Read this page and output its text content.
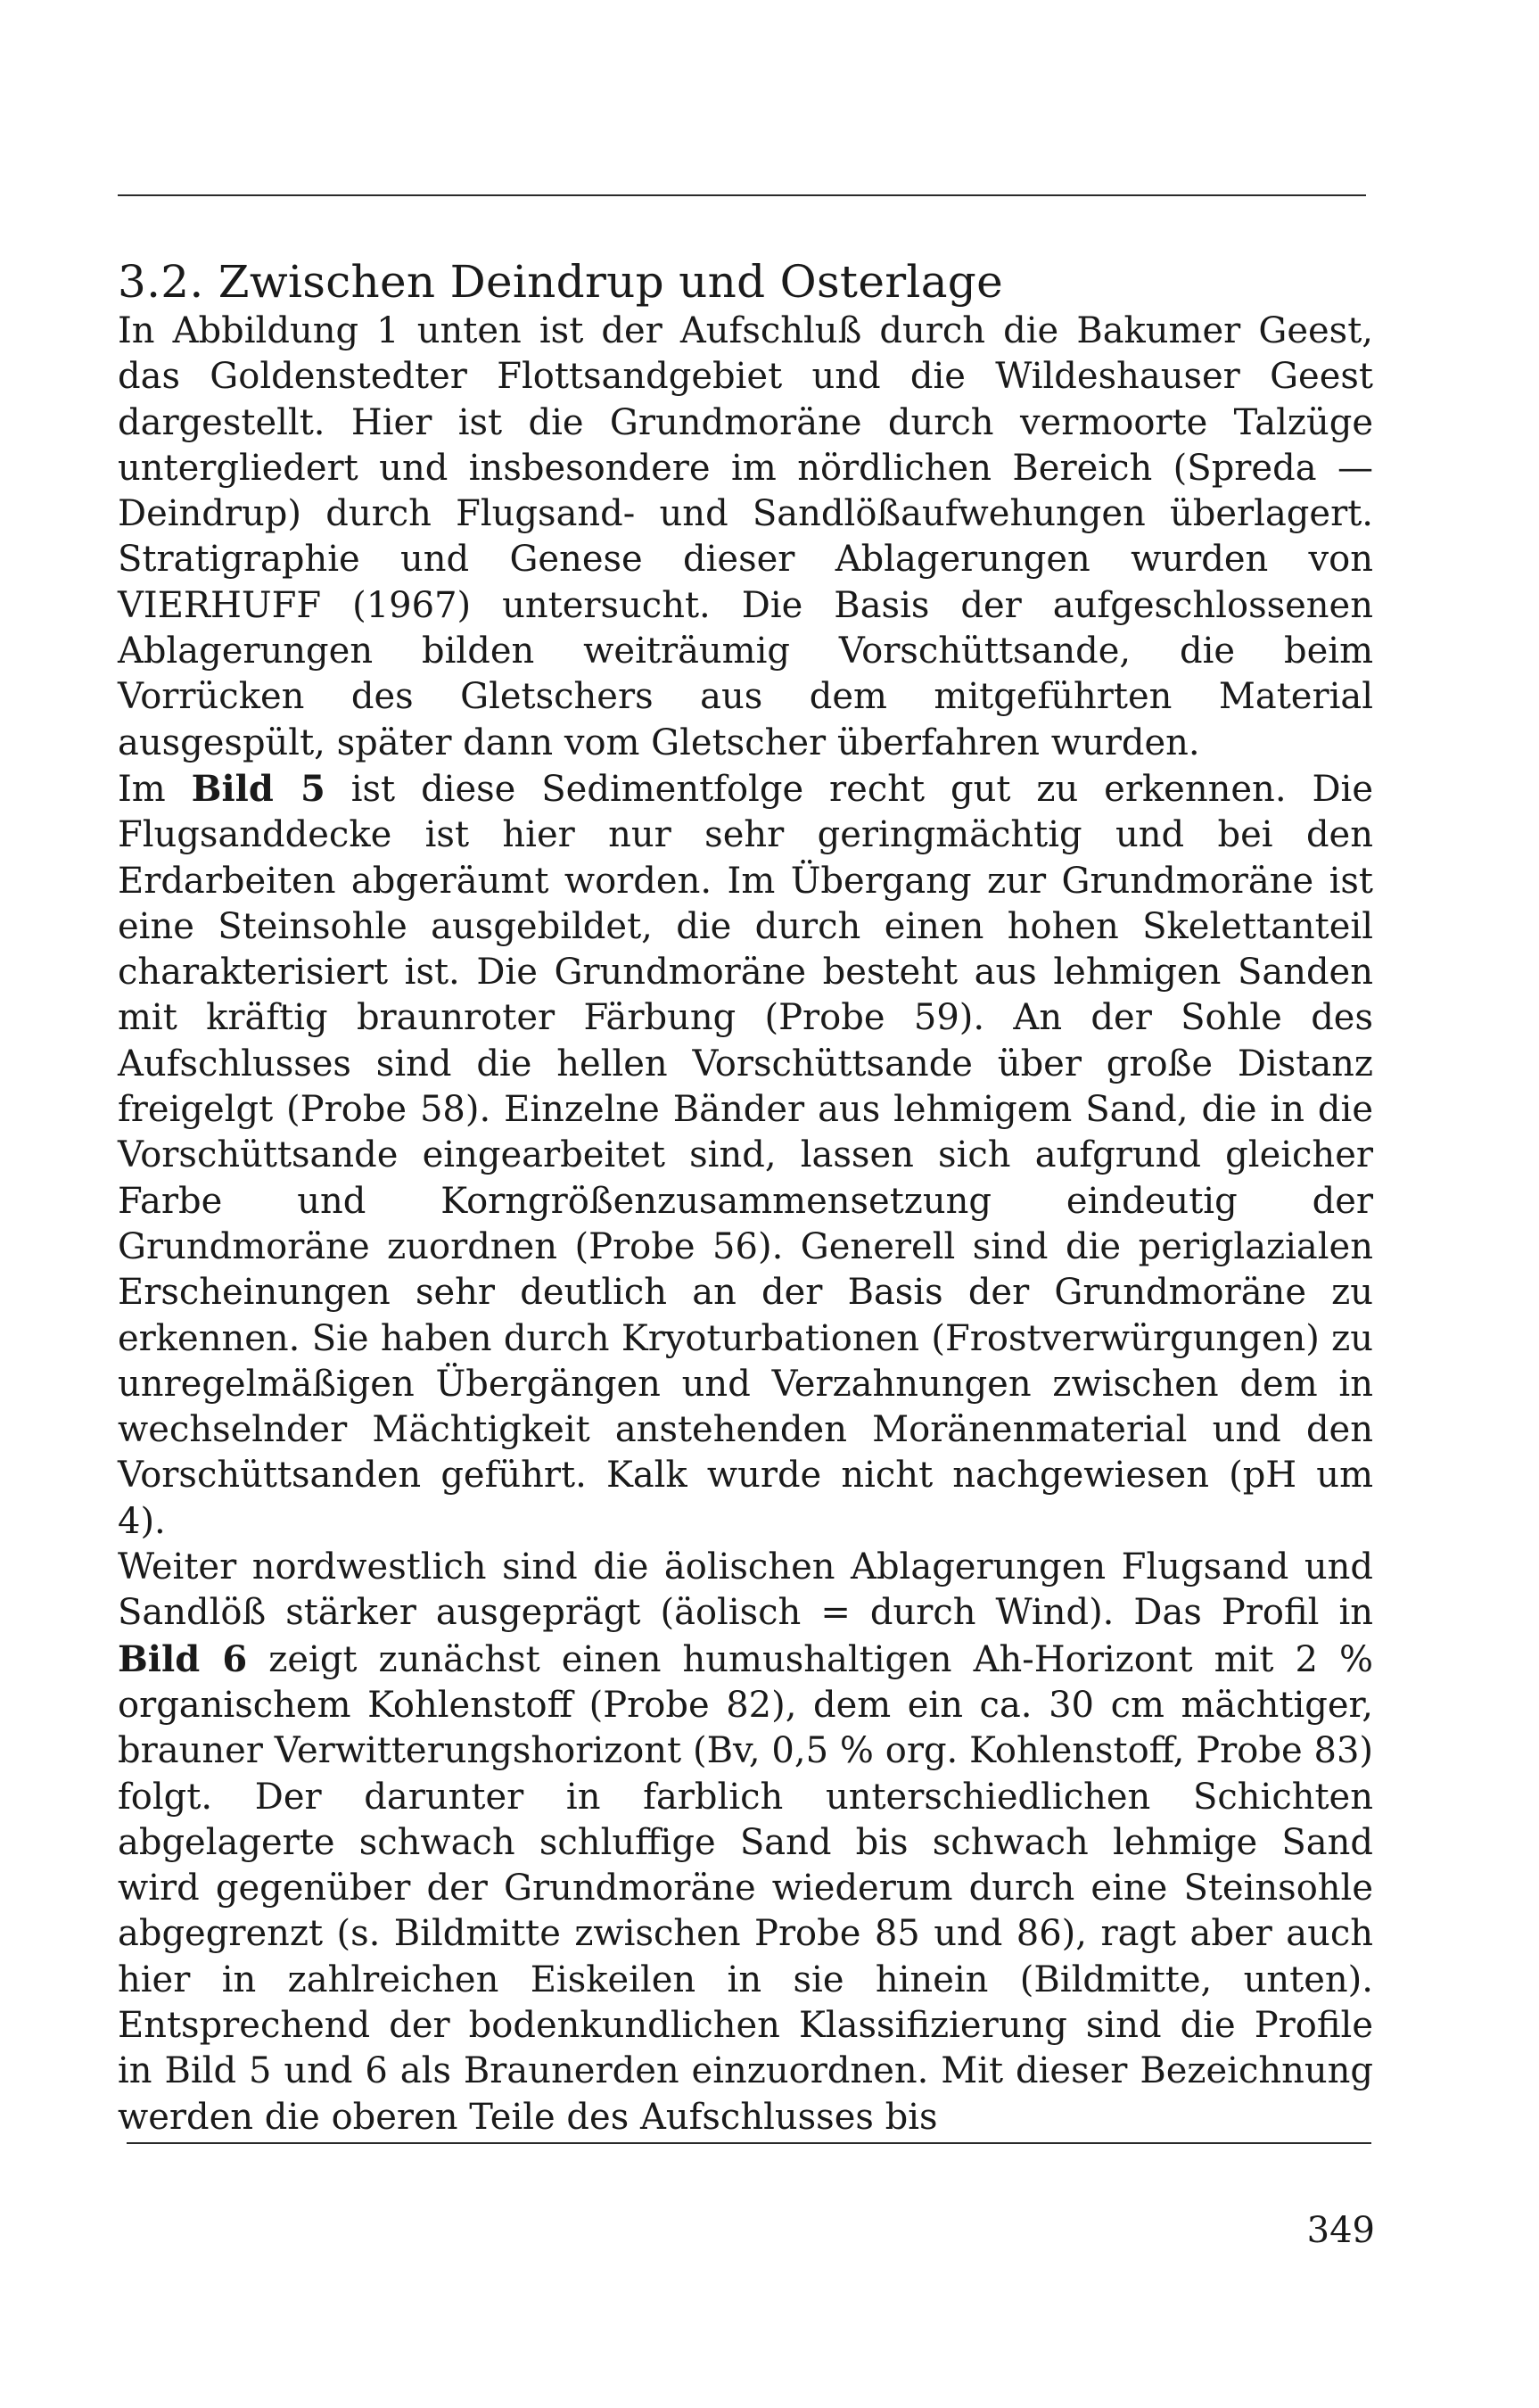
3.2. Zwischen Deindrup und Osterlage

In Abbildung 1 unten ist der Aufschluß durch die Bakumer Geest, das Goldenstedter Flottsandgebiet und die Wildeshauser Geest dargestellt. Hier ist die Grundmoräne durch vermoorte Talzüge untergliedert und insbesondere im nördlichen Bereich (Spreda — Deindrup) durch Flugsand- und Sandlößaufwehungen überlagert. Stratigraphie und Genese dieser Ablagerungen wurden von VIERHUFF (1967) untersucht. Die Basis der aufgeschlossenen Ablagerungen bilden weiträumig Vorschüttsande, die beim Vorrücken des Gletschers aus dem mitgeführten Material ausgespült, später dann vom Gletscher überfahren wurden.

Im Bild 5 ist diese Sedimentfolge recht gut zu erkennen. Die Flugsanddecke ist hier nur sehr geringmächtig und bei den Erdarbeiten abgeräumt worden. Im Übergang zur Grundmoräne ist eine Steinsohle ausgebildet, die durch einen hohen Skelettanteil charakterisiert ist. Die Grundmoräne besteht aus lehmigen Sanden mit kräftig braunroter Färbung (Probe 59). An der Sohle des Aufschlusses sind die hellen Vorschüttsande über große Distanz freigelgt (Probe 58). Einzelne Bänder aus lehmigem Sand, die in die Vorschüttsande eingearbeitet sind, lassen sich aufgrund gleicher Farbe und Korngrößenzusammensetzung eindeutig der Grundmoräne zuordnen (Probe 56). Generell sind die periglazialen Erscheinungen sehr deutlich an der Basis der Grundmoräne zu erkennen. Sie haben durch Kryoturbationen (Frostverwürgungen) zu unregelmäßigen Übergängen und Verzahnungen zwischen dem in wechselnder Mächtigkeit anstehenden Moränenmaterial und den Vorschüttsanden geführt. Kalk wurde nicht nachgewiesen (pH um 4).

Weiter nordwestlich sind die äolischen Ablagerungen Flugsand und Sandlöß stärker ausgeprägt (äolisch = durch Wind). Das Profil in Bild 6 zeigt zunächst einen humushaltigen Ah-Horizont mit 2 % organischem Kohlenstoff (Probe 82), dem ein ca. 30 cm mächtiger, brauner Verwitterungshorizont (Bv, 0,5 % org. Kohlenstoff, Probe 83) folgt. Der darunter in farblich unterschiedlichen Schichten abgelagerte schwach schluffige Sand bis schwach lehmige Sand wird gegenüber der Grundmoräne wiederum durch eine Steinsohle abgegrenzt (s. Bildmitte zwischen Probe 85 und 86), ragt aber auch hier in zahlreichen Eiskeilen in sie hinein (Bildmitte, unten). Entsprechend der bodenkundlichen Klassifizierung sind die Profile in Bild 5 und 6 als Braunerden einzuordnen. Mit dieser Bezeichnung werden die oberen Teile des Aufschlusses bis

349
